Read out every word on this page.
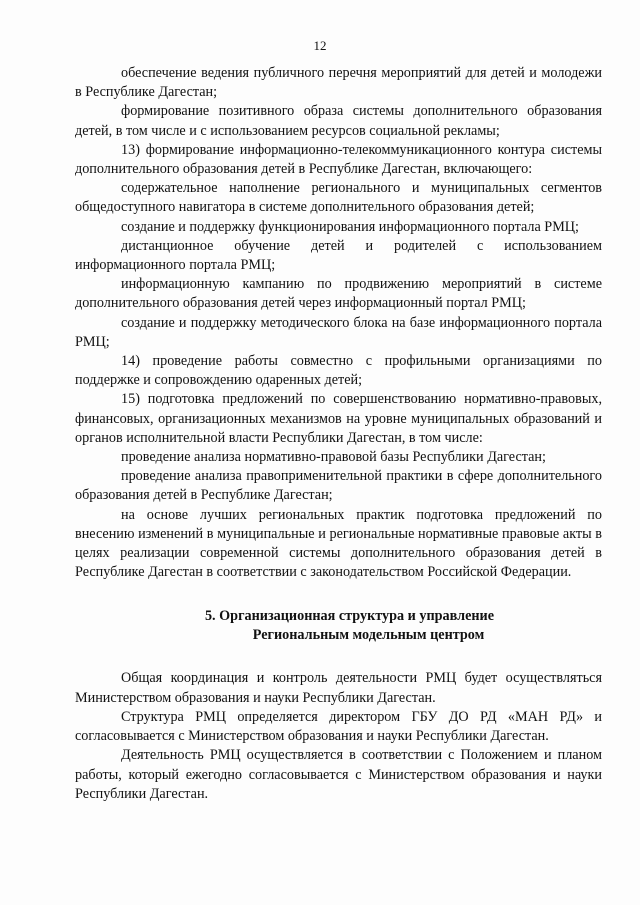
12

обеспечение ведения публичного перечня мероприятий для детей и молодежи в Республике Дагестан;

формирование позитивного образа системы дополнительного образования детей, в том числе и с использованием ресурсов социальной рекламы;

13) формирование информационно-телекоммуникационного контура системы дополнительного образования детей в Республике Дагестан, включающего:

содержательное наполнение регионального и муниципальных сегментов общедоступного навигатора в системе дополнительного образования детей;

создание и поддержку функционирования информационного портала РМЦ;

дистанционное обучение детей и родителей с использованием информационного портала РМЦ;

информационную кампанию по продвижению мероприятий в системе дополнительного образования детей через информационный портал РМЦ;

создание и поддержку методического блока на базе информационного портала РМЦ;

14) проведение работы совместно с профильными организациями по поддержке и сопровождению одаренных детей;

15) подготовка предложений по совершенствованию нормативно-правовых, финансовых, организационных механизмов на уровне муниципальных образований и органов исполнительной власти Республики Дагестан, в том числе:

проведение анализа нормативно-правовой базы Республики Дагестан;

проведение анализа правоприменительной практики в сфере дополнительного образования детей в Республике Дагестан;

на основе лучших региональных практик подготовка предложений по внесению изменений в муниципальные и региональные нормативные правовые акты в целях реализации современной системы дополнительного образования детей в Республике Дагестан в соответствии с законодательством Российской Федерации.

5. Организационная структура и управление
Региональным модельным центром

Общая координация и контроль деятельности РМЦ будет осуществляться Министерством образования и науки Республики Дагестан.

Структура РМЦ определяется директором ГБУ ДО РД «МАН РД» и согласовывается с Министерством образования и науки Республики Дагестан.

Деятельность РМЦ осуществляется в соответствии с Положением и планом работы, который ежегодно согласовывается с Министерством образования и науки Республики Дагестан.
